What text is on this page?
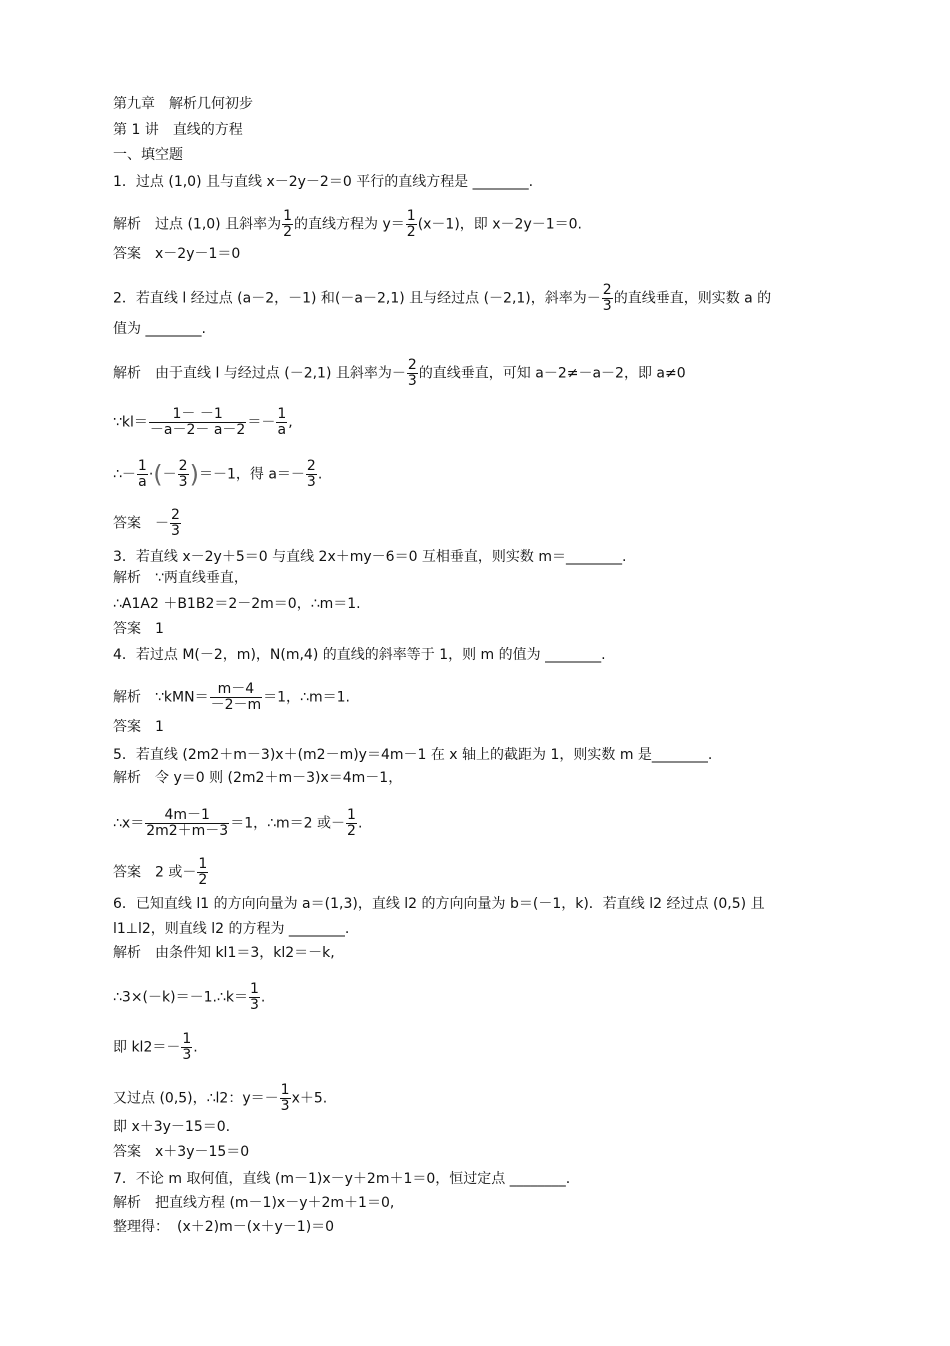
第九章 解析几何初步
第 1 讲 直线的方程
一、填空题
1．过点 (1,0) 且与直线 x－2y－2＝0 平行的直线方程是 ________.
解析 过点 (1,0) 且斜率为 $\frac{1}{2}$ 的直线方程为 $y= \frac{1}{2} (x-1)$，即 x－2y－1＝0.
答案 x－2y－1＝0
2．若直线 l 经过点 (a－2，－1) 和(－a－2,1) 且与经过点 (－2,1)，斜率为－ $\frac{2}{3}$ 的直线垂直，则实数 a 的
值为 ________.
解析 由于直线 l 与经过点 (－2,1) 且斜率为－ $\frac{2}{3}$ 的直线垂直，可知 a－2≠－a－2，即 a≠0
∵kl＝ $\frac{1- -1}{-a-2- a-2} =- \frac{1}{a}$ ,
∴－ $\frac{1}{a}$ ·(－ $\frac{2}{3} )=-1$，得 $a=- \frac{2}{3}$ .
答案 － $\frac{2}{3}$
3．若直线 x－2y＋5＝0 与直线 2x＋my－6＝0 互相垂直，则实数 m＝________.
解析 ∵两直线垂直，
∴A1A2 ＋B1B2＝2－2m＝0，∴m＝1.
答案 1
4．若过点 M(－2，m)，N(m,4) 的直线的斜率等于 1，则 m 的值为 ________.
解析 ∵kMN＝ $\frac{m-4}{-2-m} =1$，∴m＝1.
答案 1
5．若直线 (2m2＋m－3)x＋(m2－m)y＝4m－1 在 x 轴上的截距为 1，则实数 m 是________.
解析 令 y＝0 则 (2m2＋m－3)x＝4m－1，
∴x＝ $\frac{4m-1}{2m2+m-3} =1$，∴m＝2 或－ $\frac{1}{2}$ .
答案 2 或－ $\frac{1}{2}$
6．已知直线 l1 的方向向量为 a＝(1,3)，直线 l2 的方向向量为 b＝(－1，k)．若直线 l2 经过点 (0,5) 且
l1⊥l2，则直线 l2 的方程为 ________.
解析 由条件知 kl1＝3，kl2＝－k,
∴3×(－k)＝－1.∴k＝ $\frac{1}{3}$ .
即 $kl2=- \frac{1}{3}$ .
又过点 (0,5)，∴l2：$y=- \frac{1}{3} x+5$.
即 x＋3y－15＝0.
答案 x＋3y－15＝0
7．不论 m 取何值，直线 (m－1)x－y＋2m＋1＝0，恒过定点 ________.
解析 把直线方程 (m－1)x－y＋2m＋1＝0,
整理得： (x＋2)m－(x＋y－1)＝0
